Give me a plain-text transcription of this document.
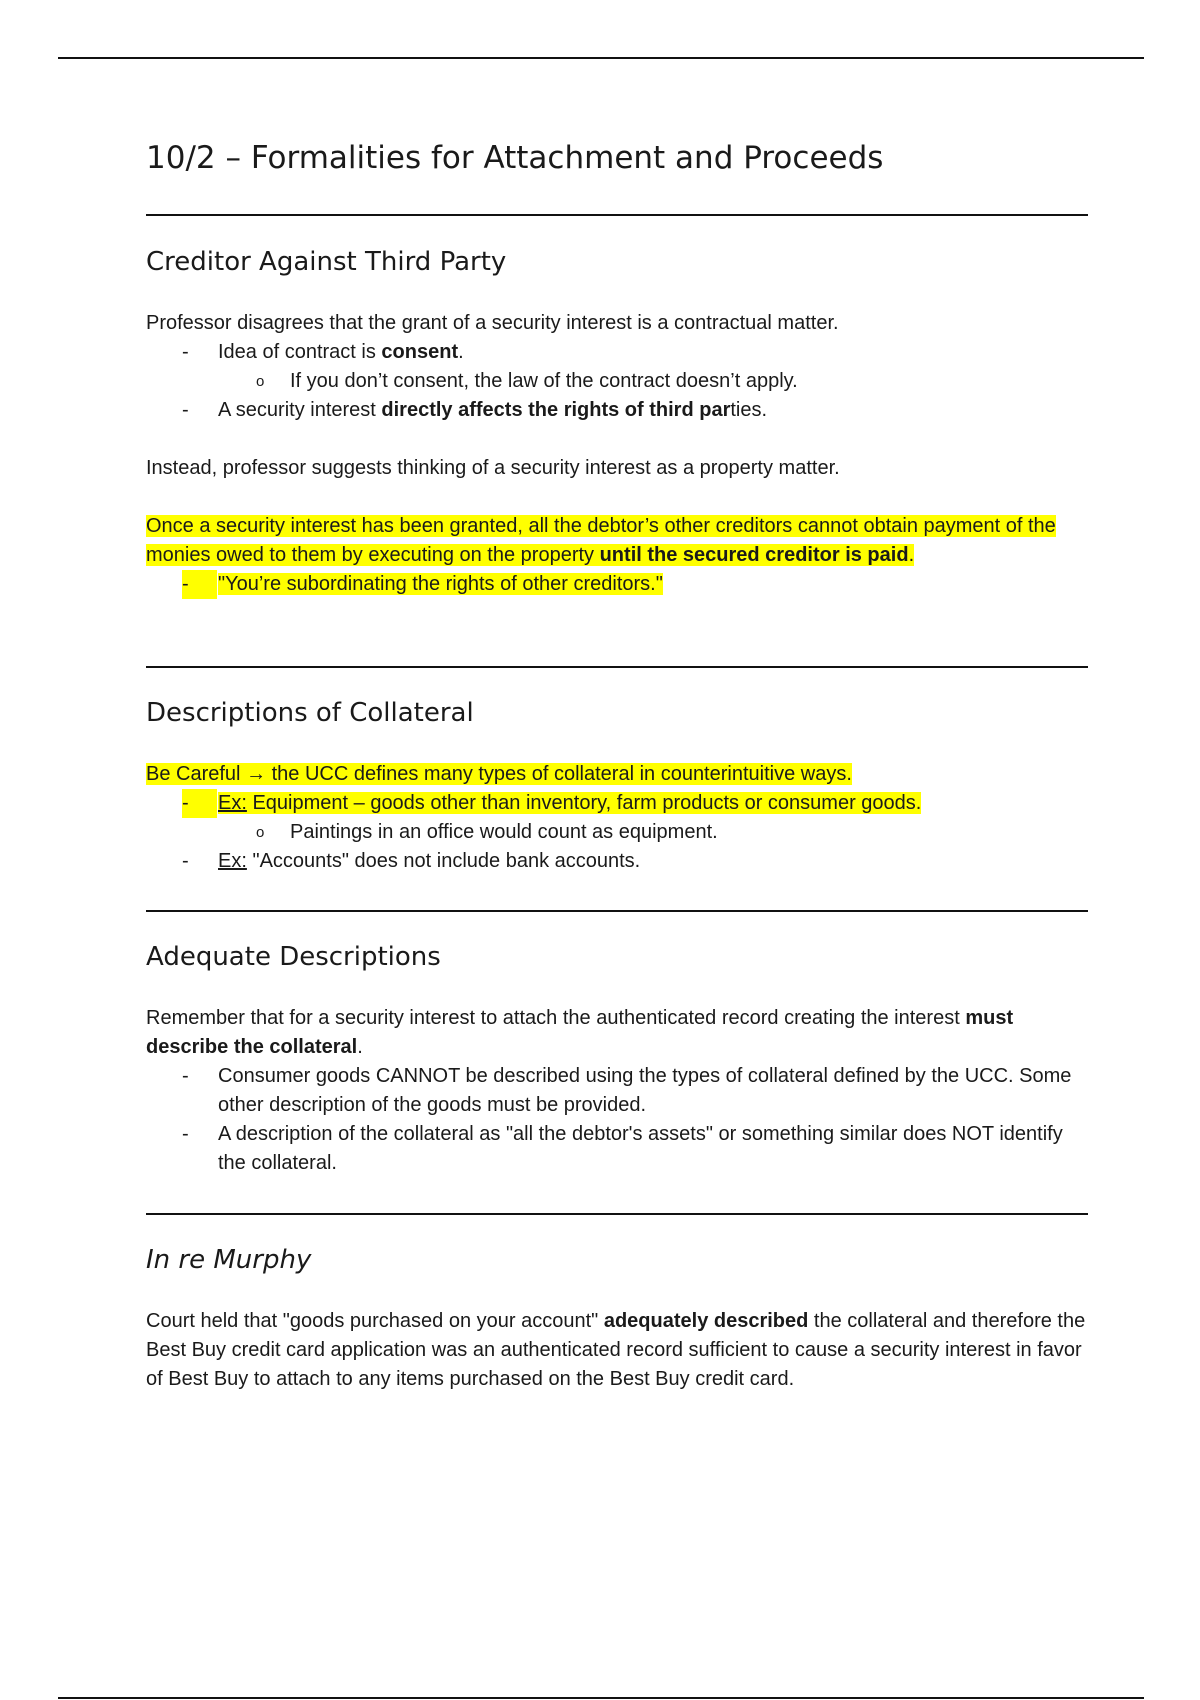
10/2 – Formalities for Attachment and Proceeds
Creditor Against Third Party

Professor disagrees that the grant of a security interest is a contractual matter.

- Idea of contract is consent.
o If you don’t consent, the law of the contract doesn’t apply.
- A security interest directly affects the rights of third parties.

Instead, professor suggests thinking of a security interest as a property matter.

Once a security interest has been granted, all the debtor’s other creditors cannot obtain payment of the monies owed to them by executing on the property until the secured creditor is paid.

-	"You’re subordinating the rights of other creditors."
Descriptions of Collateral

Be Careful → the UCC defines many types of collateral in counterintuitive ways.

-	Ex: Equipment – goods other than inventory, farm products or consumer goods.
o Paintings in an office would count as equipment.
- Ex: "Accounts" does not include bank accounts.
Adequate Descriptions

Remember that for a security interest to attach the authenticated record creating the interest must describe the collateral.

- Consumer goods CANNOT be described using the types of collateral defined by the UCC. Some other description of the goods must be provided.
- A description of the collateral as "all the debtor's assets" or something similar does NOT identify the collateral.
In re Murphy

Court held that "goods purchased on your account" adequately described the collateral and therefore the Best Buy credit card application was an authenticated record sufficient to cause a security interest in favor of Best Buy to attach to any items purchased on the Best Buy credit card.
